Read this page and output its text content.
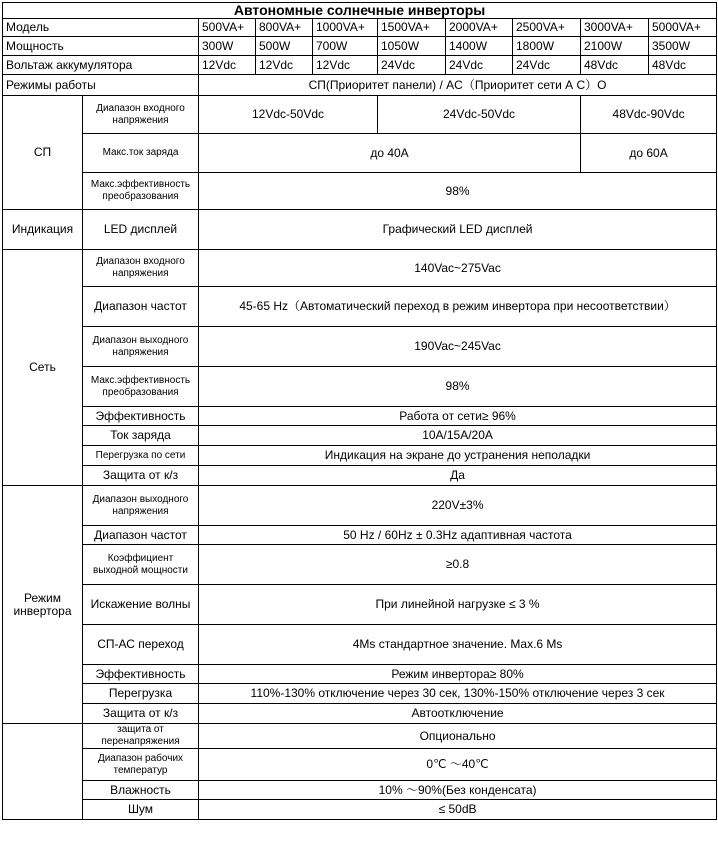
Автономные солнечные инверторы									
Модель		500VA+	800VA+	1000VA+	1500VA+	2000VA+	2500VA+	3000VA+	5000VA+
Мощность		300W	500W	700W	1050W	1400W	1800W	2100W	3500W
Вольтаж аккумулятора		12Vdc	12Vdc	12Vdc	24Vdc	24Vdc	24Vdc	48Vdc	48Vdc
Режимы работы		СП(Приоритет панели) / AC（Приоритет сети А С）О							
СП	Диапазон входного напряжения	12Vdc-50Vdc			24Vdc-50Vdc			48Vdc-90Vdc	
	Макс.ток заряда	до 40A						до 60A	
	Макс.эффективность преобразования	98%							
Индикация	LED дисплей	Графический LED дисплей							
Сеть	Диапазон входного напряжения	140Vac~275Vac							
	Диапазон частот	45-65 Hz（Автоматический переход в режим инвертора при несоответствии）							
	Диапазон выходного напряжения	190Vac~245Vac							
	Макс.эффективность преобразования	98%							
	Эффективность	Работа от сети≥ 96%							
	Ток заряда	10A/15A/20A							
	Перегрузка по сети	Индикация на экране до устранения неполадки							
	Защита от к/з	Да							
Режим инвертора	Диапазон выходного напряжения	220V±3%							
	Диапазон частот	50 Hz / 60Hz ± 0.3Hz адаптивная частота							
	Коэффициент выходной мощности	≥0.8							
	Искажение волны	При линейной нагрузке ≤ 3 %							
	СП-АС переход	4Ms стандартное значение. Max.6 Ms							
	Эффективность	Режим инвертора≥ 80%							
	Перегрузка	110%-130% отключение через 30 сек, 130%-150% отключение через 3 сек							
	Защита от к/з	Автоотключение							
	защита от перенапряжения	Опционально							
	Диапазон рабочих температур	0℃ ～40℃							
	Влажность	10% ～90%(Без конденсата)							
	Шум	≤ 50dB							
